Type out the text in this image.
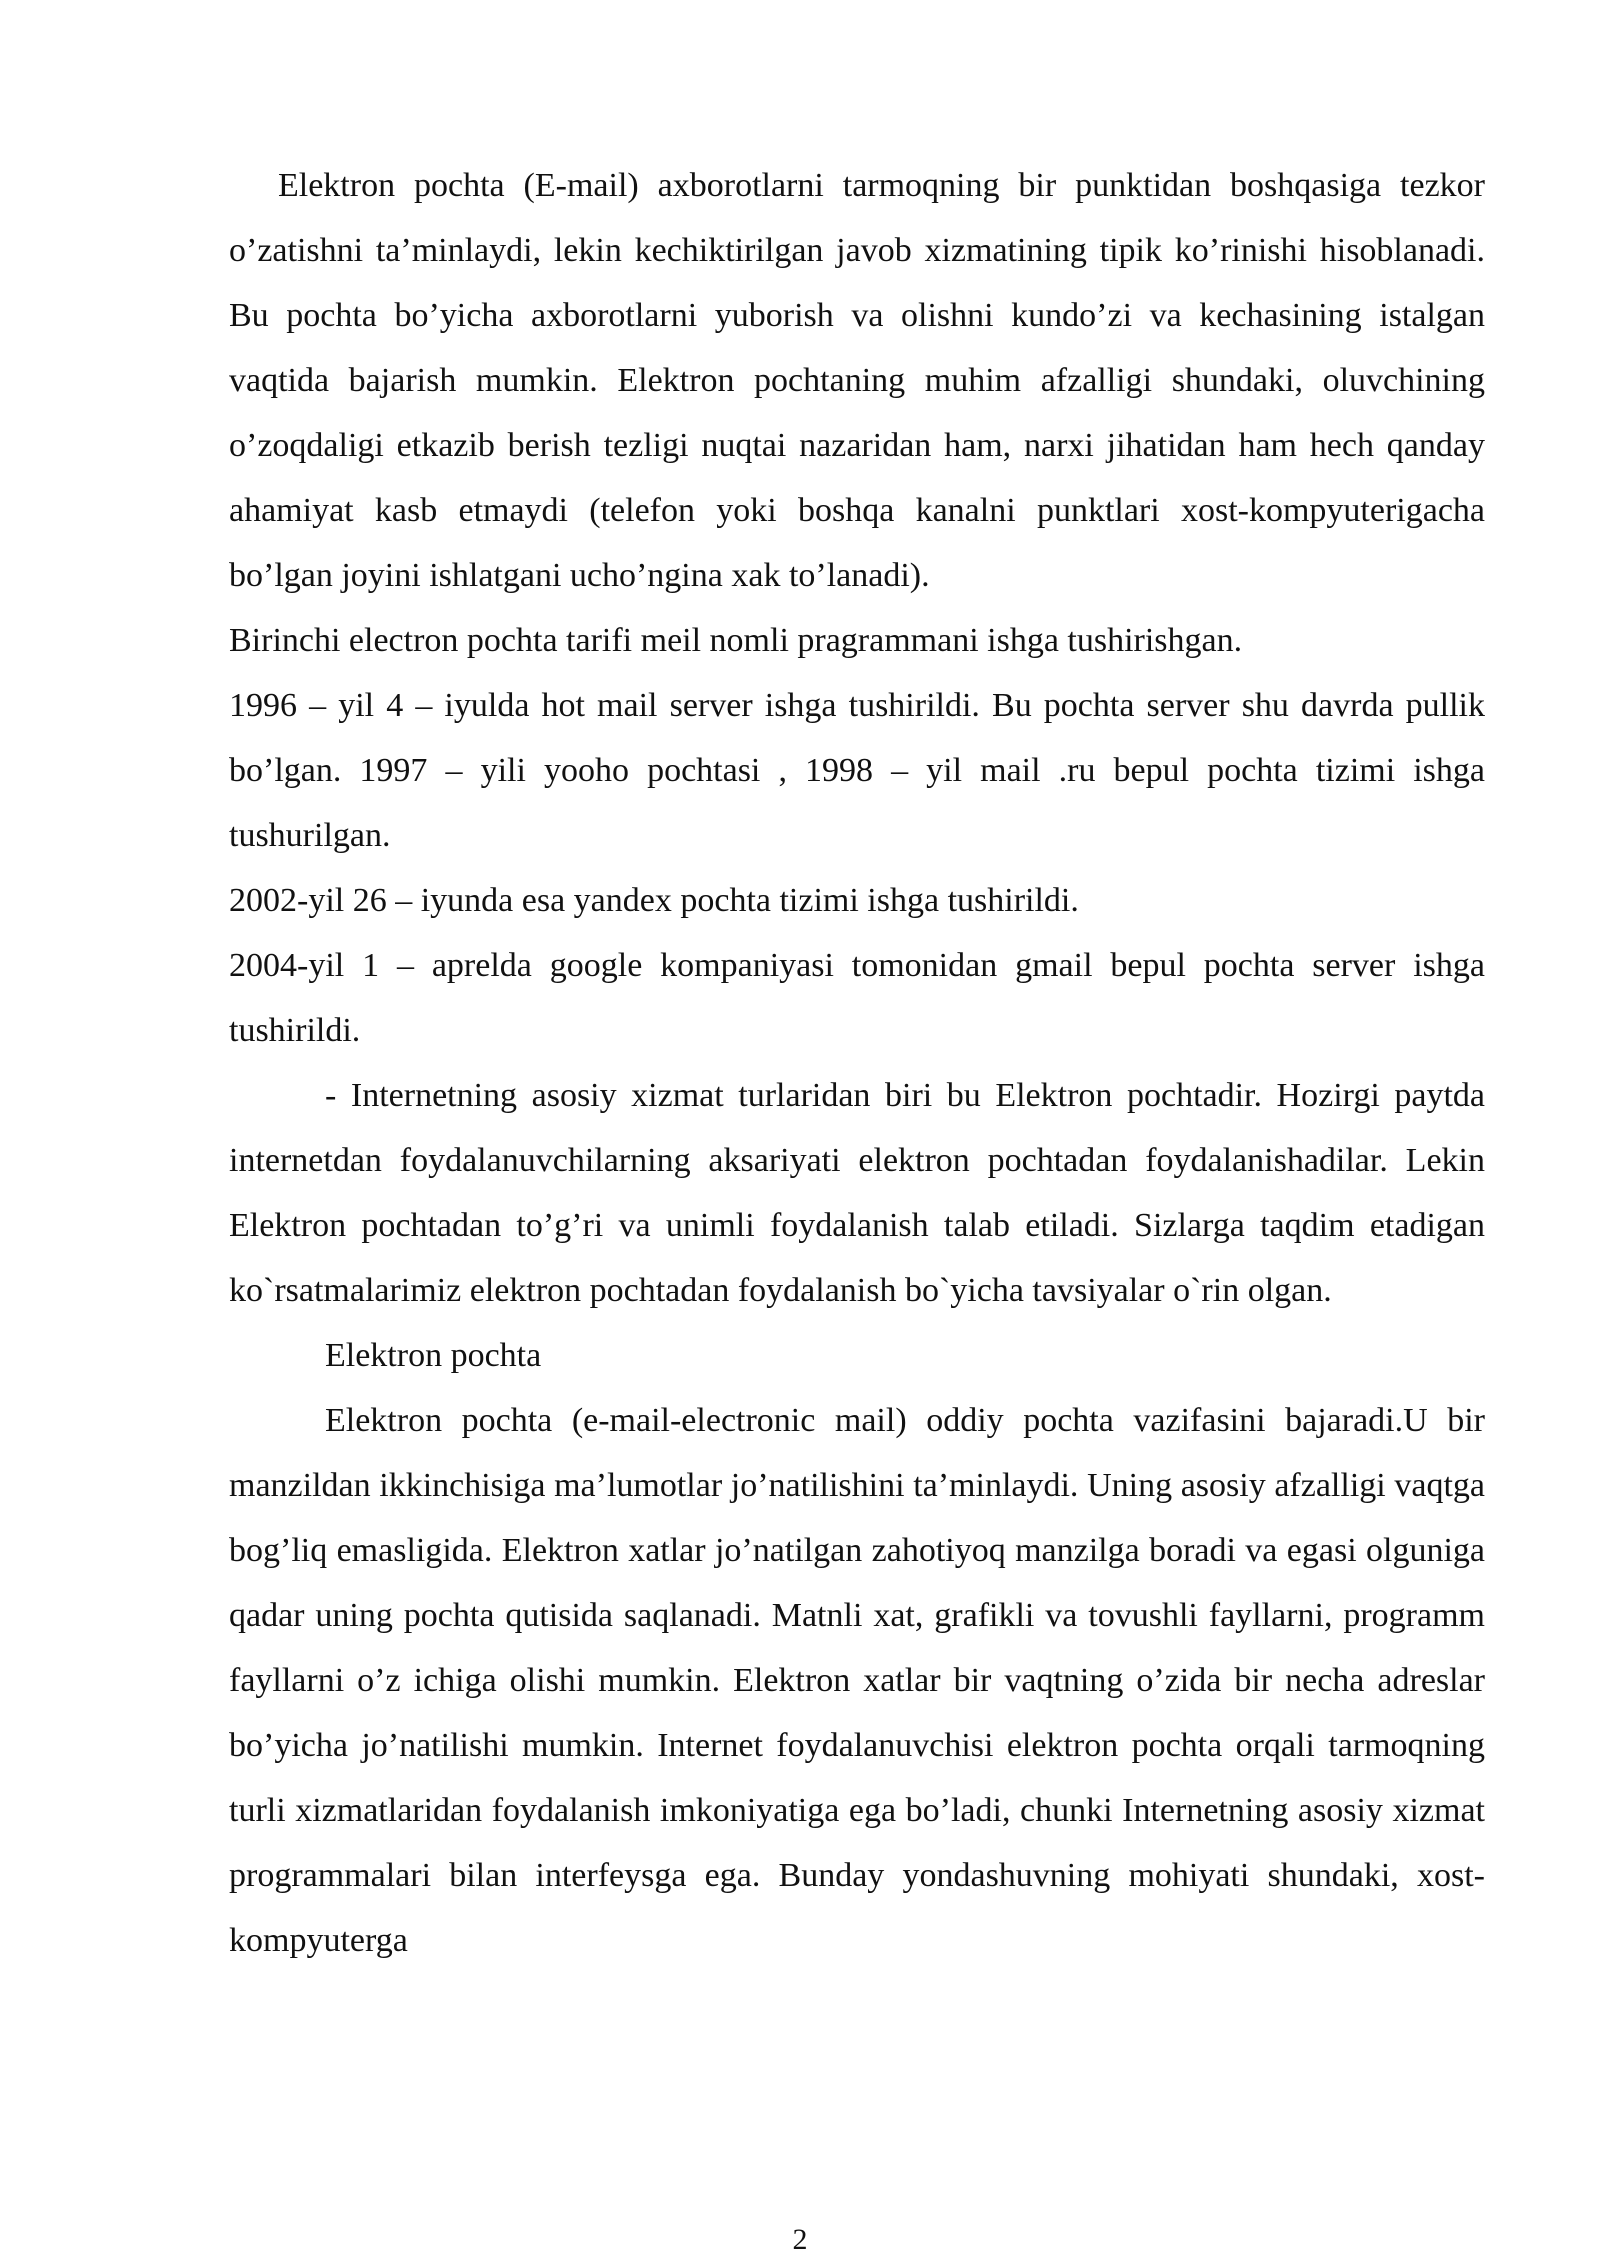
Elektron pochta (E-mail) axborotlarni tarmoqning bir punktidan boshqasiga tezkor o’zatishni ta’minlaydi, lekin kechiktirilgan javob xizmatining tipik ko’rinishi hisoblanadi. Bu pochta bo’yicha axborotlarni yuborish va olishni kundo’zi va kechasining istalgan vaqtida bajarish mumkin. Elektron pochtaning muhim afzalligi shundaki, oluvchining o’zoqdaligi etkazib berish tezligi nuqtai nazaridan ham, narxi jihatidan ham hech qanday ahamiyat kasb etmaydi (telefon yoki boshqa kanalni punktlari xost-kompyuterigacha bo’lgan joyini ishlatgani ucho’ngina xak to’lanadi).

Birinchi electron pochta tarifi meil nomli pragrammani ishga tushirishgan.

1996 – yil 4 – iyulda hot mail server ishga tushirildi. Bu pochta server shu davrda pullik bo’lgan. 1997 – yili yooho pochtasi , 1998 – yil mail .ru bepul pochta tizimi ishga tushurilgan.

2002-yil 26 – iyunda esa yandex pochta tizimi ishga tushirildi.

2004-yil 1 – aprelda google kompaniyasi tomonidan gmail bepul pochta server ishga tushirildi.

- Internetning asosiy xizmat turlaridan biri bu Elektron pochtadir. Hozirgi paytda internetdan foydalanuvchilarning aksariyati elektron pochtadan foydalanishadilar. Lekin Elektron pochtadan to’g’ri va unimli foydalanish talab etiladi. Sizlarga taqdim etadigan ko`rsatmalarimiz elektron pochtadan foydalanish bo`yicha tavsiyalar o`rin olgan.

Elektron pochta

Elektron pochta (e-mail-electronic mail) oddiy pochta vazifasini bajaradi.U bir manzildan ikkinchisiga ma’lumotlar jo’natilishini ta’minlaydi. Uning asosiy afzalligi vaqtga bog’liq emasligida. Elektron xatlar jo’natilgan zahotiyoq manzilga boradi va egasi olguniga qadar uning pochta qutisida saqlanadi. Matnli xat, grafikli va tovushli fayllarni, programm fayllarni o’z ichiga olishi mumkin. Elektron xatlar bir vaqtning o’zida bir necha adreslar bo’yicha jo’natilishi mumkin. Internet foydalanuvchisi elektron pochta orqali tarmoqning turli xizmatlaridan foydalanish imkoniyatiga ega bo’ladi, chunki Internetning asosiy xizmat programmalari bilan interfeysga ega. Bunday yondashuvning mohiyati shundaki, xost-kompyuterga

2
